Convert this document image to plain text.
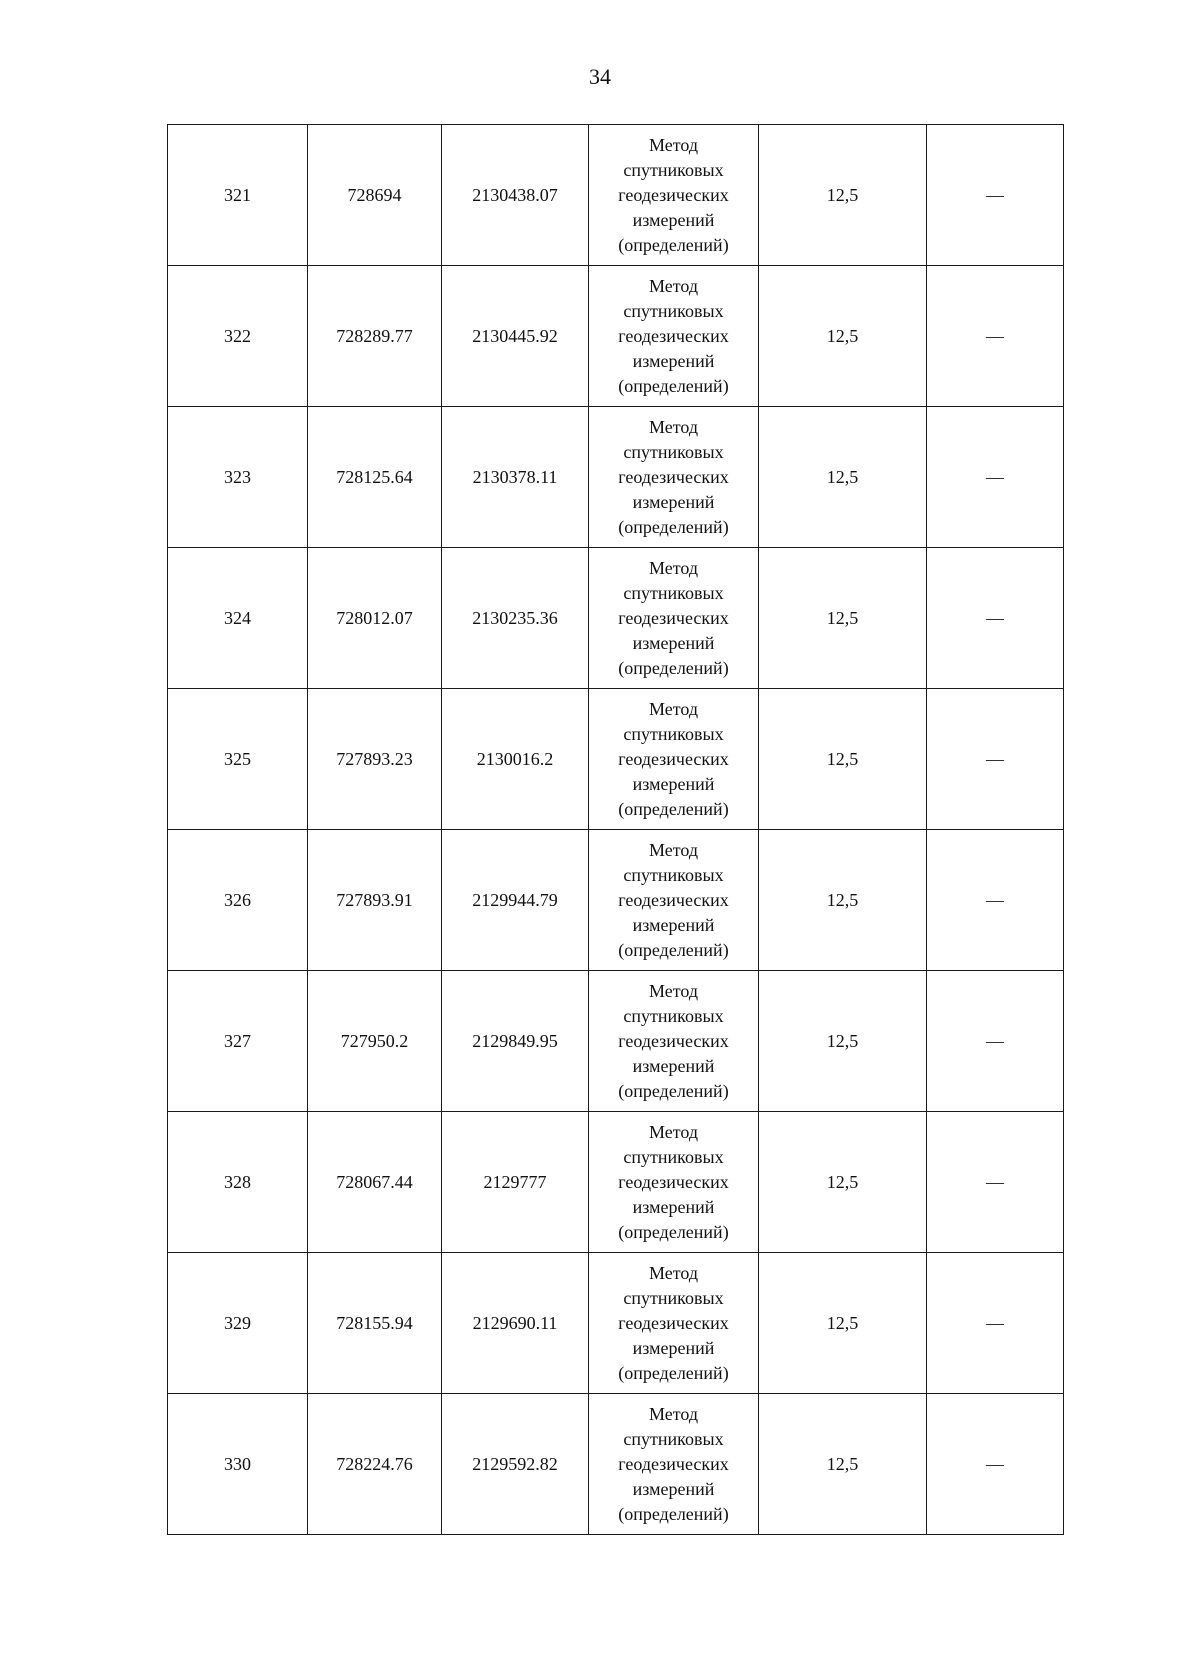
34
321	728694	2130438.07	Метод
спутниковых
геодезических
измерений
(определений)	12,5	—
322	728289.77	2130445.92	Метод
спутниковых
геодезических
измерений
(определений)	12,5	—
323	728125.64	2130378.11	Метод
спутниковых
геодезических
измерений
(определений)	12,5	—
324	728012.07	2130235.36	Метод
спутниковых
геодезических
измерений
(определений)	12,5	—
325	727893.23	2130016.2	Метод
спутниковых
геодезических
измерений
(определений)	12,5	—
326	727893.91	2129944.79	Метод
спутниковых
геодезических
измерений
(определений)	12,5	—
327	727950.2	2129849.95	Метод
спутниковых
геодезических
измерений
(определений)	12,5	—
328	728067.44	2129777	Метод
спутниковых
геодезических
измерений
(определений)	12,5	—
329	728155.94	2129690.11	Метод
спутниковых
геодезических
измерений
(определений)	12,5	—
330	728224.76	2129592.82	Метод
спутниковых
геодезических
измерений
(определений)	12,5	—
